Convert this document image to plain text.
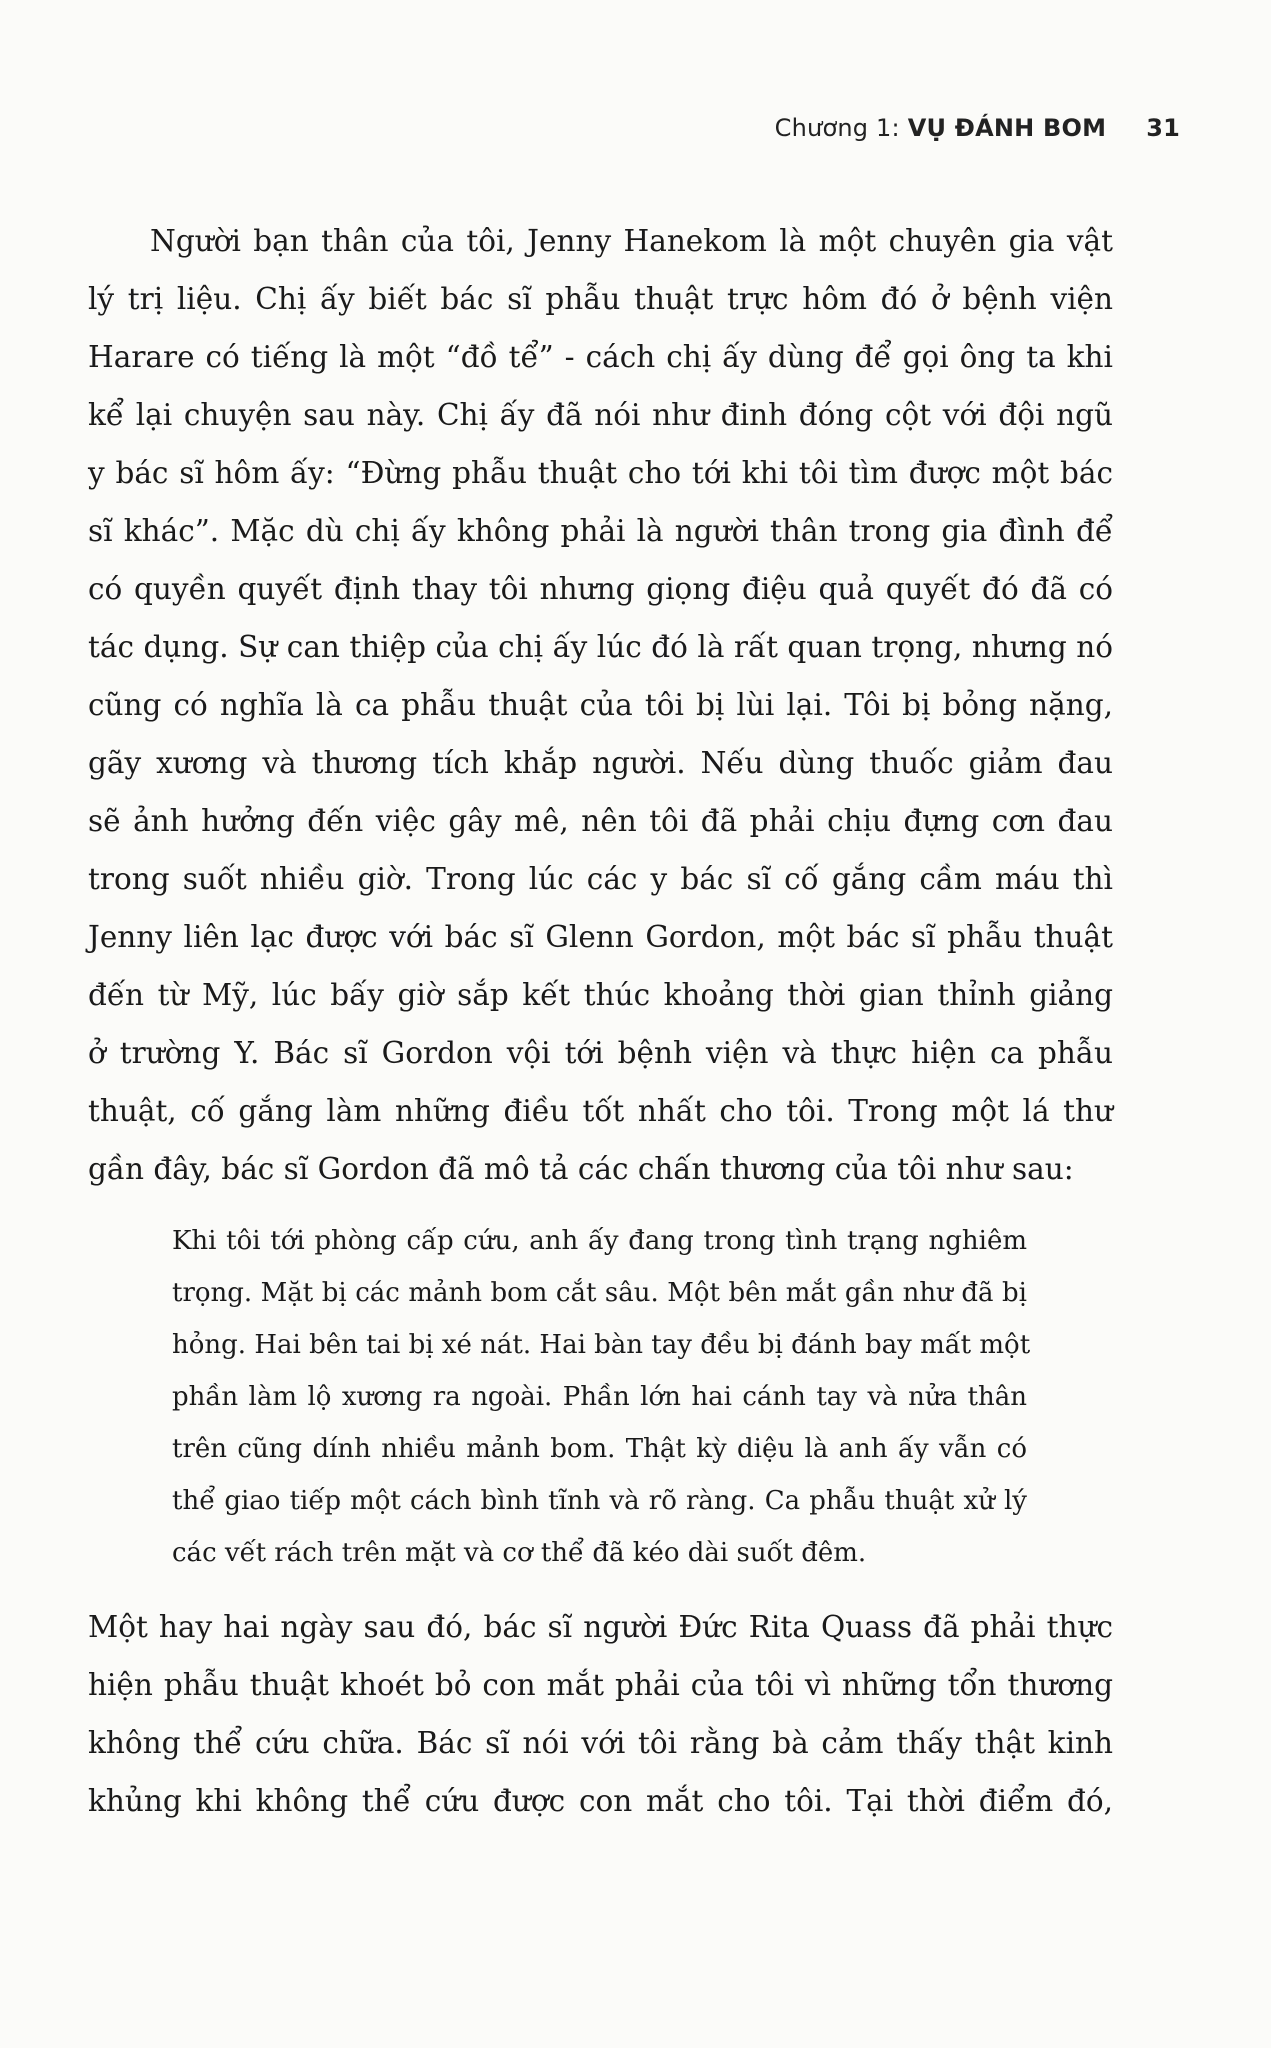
Chương 1: VỤ ĐÁNH BOM 31
Người bạn thân của tôi, Jenny Hanekom là một chuyên gia vật
lý trị liệu. Chị ấy biết bác sĩ phẫu thuật trực hôm đó ở bệnh viện
Harare có tiếng là một “đồ tể” - cách chị ấy dùng để gọi ông ta khi
kể lại chuyện sau này. Chị ấy đã nói như đinh đóng cột với đội ngũ
y bác sĩ hôm ấy: “Đừng phẫu thuật cho tới khi tôi tìm được một bác
sĩ khác”. Mặc dù chị ấy không phải là người thân trong gia đình để
có quyền quyết định thay tôi nhưng giọng điệu quả quyết đó đã có
tác dụng. Sự can thiệp của chị ấy lúc đó là rất quan trọng, nhưng nó
cũng có nghĩa là ca phẫu thuật của tôi bị lùi lại. Tôi bị bỏng nặng,
gãy xương và thương tích khắp người. Nếu dùng thuốc giảm đau
sẽ ảnh hưởng đến việc gây mê, nên tôi đã phải chịu đựng cơn đau
trong suốt nhiều giờ. Trong lúc các y bác sĩ cố gắng cầm máu thì
Jenny liên lạc được với bác sĩ Glenn Gordon, một bác sĩ phẫu thuật
đến từ Mỹ, lúc bấy giờ sắp kết thúc khoảng thời gian thỉnh giảng
ở trường Y. Bác sĩ Gordon vội tới bệnh viện và thực hiện ca phẫu
thuật, cố gắng làm những điều tốt nhất cho tôi. Trong một lá thư
gần đây, bác sĩ Gordon đã mô tả các chấn thương của tôi như sau:
Khi tôi tới phòng cấp cứu, anh ấy đang trong tình trạng nghiêm
trọng. Mặt bị các mảnh bom cắt sâu. Một bên mắt gần như đã bị
hỏng. Hai bên tai bị xé nát. Hai bàn tay đều bị đánh bay mất một
phần làm lộ xương ra ngoài. Phần lớn hai cánh tay và nửa thân
trên cũng dính nhiều mảnh bom. Thật kỳ diệu là anh ấy vẫn có
thể giao tiếp một cách bình tĩnh và rõ ràng. Ca phẫu thuật xử lý
các vết rách trên mặt và cơ thể đã kéo dài suốt đêm.
Một hay hai ngày sau đó, bác sĩ người Đức Rita Quass đã phải thực
hiện phẫu thuật khoét bỏ con mắt phải của tôi vì những tổn thương
không thể cứu chữa. Bác sĩ nói với tôi rằng bà cảm thấy thật kinh
khủng khi không thể cứu được con mắt cho tôi. Tại thời điểm đó,
